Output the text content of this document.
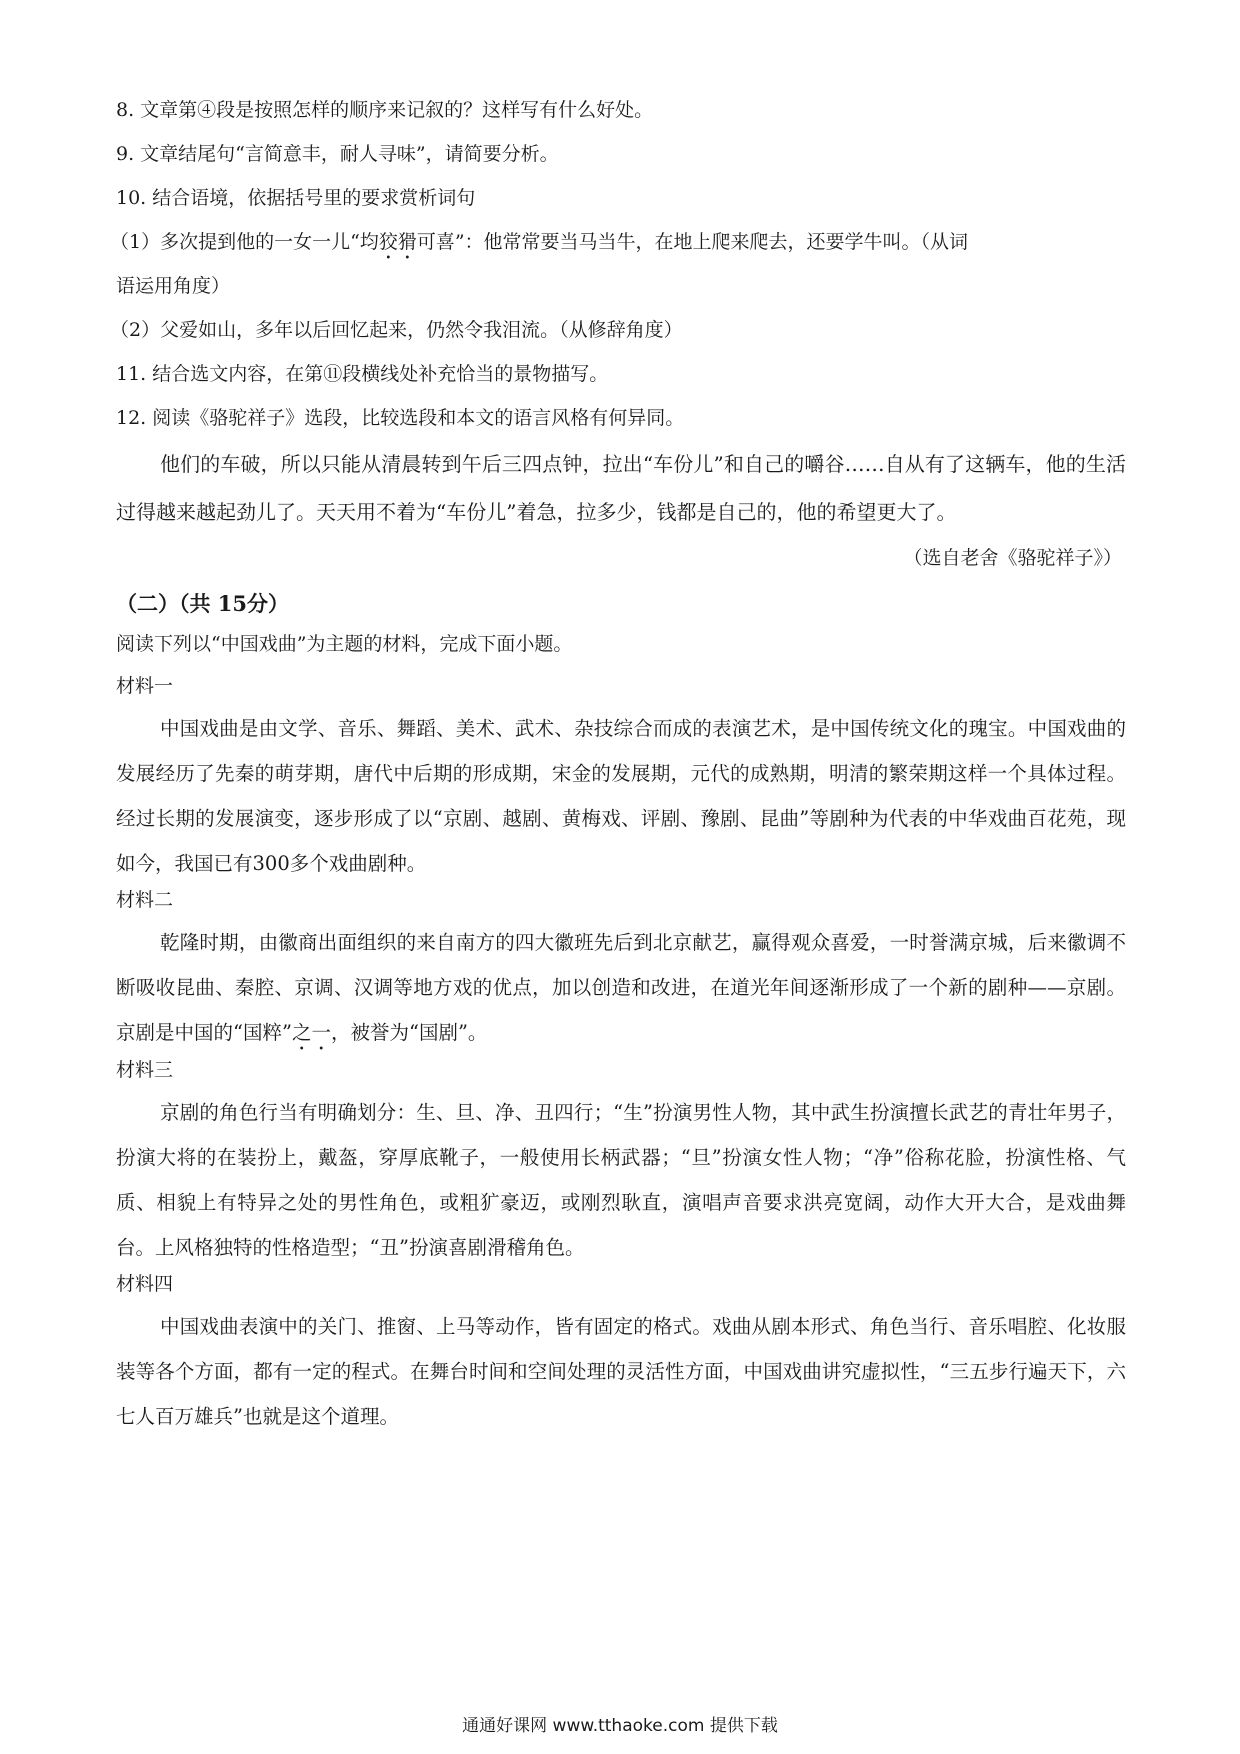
8. 文章第④段是按照怎样的顺序来记叙的？这样写有什么好处。
9. 文章结尾句“言简意丰，耐人寻味”，请简要分析。
10. 结合语境，依据括号里的要求赏析词句
（1）多次提到他的一女一儿“均狡猾可喜”：他常常要当马当牛，在地上爬来爬去，还要学牛叫。（从词
语运用角度）
（2）父爱如山，多年以后回忆起来，仍然令我泪流。（从修辞角度）
11. 结合选文内容，在第⑪段横线处补充恰当的景物描写。
12. 阅读《骆驼祥子》选段，比较选段和本文的语言风格有何异同。
他们的车破，所以只能从清晨转到午后三四点钟，拉出“车份儿”和自己的嚼谷……自从有了这辆车，他的生活过得越来越起劲儿了。天天用不着为“车份儿”着急，拉多少，钱都是自己的，他的希望更大了。
（选自老舍《骆驼祥子》）
（二）（共 15分）
阅读下列以“中国戏曲”为主题的材料，完成下面小题。
材料一
中国戏曲是由文学、音乐、舞蹈、美术、武术、杂技综合而成的表演艺术，是中国传统文化的瑰宝。中国戏曲的发展经历了先秦的萌芽期，唐代中后期的形成期，宋金的发展期，元代的成熟期，明清的繁荣期这样一个具体过程。经过长期的发展演变，逐步形成了以“京剧、越剧、黄梅戏、评剧、豫剧、昆曲”等剧种为代表的中华戏曲百花苑，现如今，我国已有300多个戏曲剧种。
材料二
乾隆时期，由徽商出面组织的来自南方的四大徽班先后到北京献艺，赢得观众喜爱，一时誉满京城，后来徽调不断吸收昆曲、秦腔、京调、汉调等地方戏的优点，加以创造和改进，在道光年间逐渐形成了一个新的剧种——京剧。京剧是中国的“国粹”之一，被誉为“国剧”。
材料三
京剧的角色行当有明确划分：生、旦、净、丑四行；“生”扮演男性人物，其中武生扮演擅长武艺的青壮年男子，扮演大将的在装扮上，戴盔，穿厚底靴子，一般使用长柄武器；“旦”扮演女性人物；“净”俗称花脸，扮演性格、气质、相貌上有特异之处的男性角色，或粗犷豪迈，或刚烈耿直，演唱声音要求洪亮宽阔，动作大开大合，是戏曲舞台。上风格独特的性格造型；“丑”扮演喜剧滑稽角色。
材料四
中国戏曲表演中的关门、推窗、上马等动作，皆有固定的格式。戏曲从剧本形式、角色当行、音乐唱腔、化妆服装等各个方面，都有一定的程式。在舞台时间和空间处理的灵活性方面，中国戏曲讲究虚拟性，“三五步行遍天下，六七人百万雄兵”也就是这个道理。
通通好课网 www.tthaoke.com 提供下载
